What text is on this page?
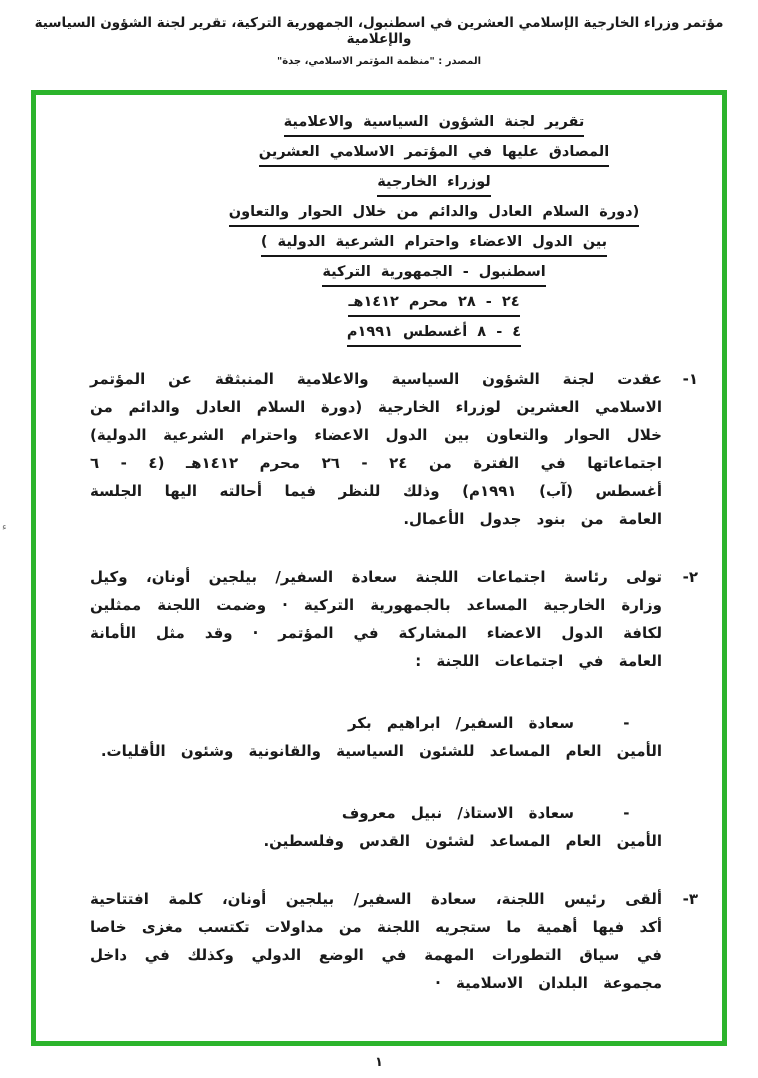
مؤتمر وزراء الخارجية الإسلامي العشرين في اسطنبول، الجمهورية التركية، تقرير لجنة الشؤون السياسية والإعلامية
المصدر : "منظمة المؤتمر الاسلامي، جدة"
ء
تقرير لجنة الشؤون السياسية والاعلامية
المصادق عليها في المؤتمر الاسلامي العشرين
لوزراء الخارجية
(دورة السلام العادل والدائم من خلال الحوار والتعاون
بين الدول الاعضاء واحترام الشرعية الدولية )
اسطنبول - الجمهورية التركية
٢٤ - ٢٨ محرم ١٤١٢هـ
٤ - ٨ أغسطس ١٩٩١م
١-
عقدت لجنة الشؤون السياسية والاعلامية المنبثقة عن المؤتمر الاسلامي العشرين لوزراء الخارجية (دورة السلام العادل والدائم من خلال الحوار والتعاون بين الدول الاعضاء واحترام الشرعية الدولية) اجتماعاتها في الفترة من ٢٤ - ٢٦ محرم ١٤١٢هـ (٤ - ٦ أغسطس (آب) ١٩٩١م) وذلك للنظر فيما أحالته اليها الجلسة العامة من بنود جدول الأعمال.
٢-
تولى رئاسة اجتماعات اللجنة سعادة السفير/ بيلجين أونان، وكيل وزارة الخارجية المساعد بالجمهورية التركية · وضمت اللجنة ممثلين لكافة الدول الاعضاء المشاركة في المؤتمر · وقد مثل الأمانة العامة في اجتماعات اللجنة :
-
سعادة السفير/ ابراهيم بكر
الأمين العام المساعد للشئون السياسية والقانونية وشئون الأقليات.
-
سعادة الاستاذ/ نبيل معروف
الأمين العام المساعد لشئون القدس وفلسطين.
٣-
ألقى رئيس اللجنة، سعادة السفير/ بيلجين أونان، كلمة افتتاحية أكد فيها أهمية ما ستجريه اللجنة من مداولات تكتسب مغزى خاصا في سياق التطورات المهمة في الوضع الدولي وكذلك في داخل مجموعة البلدان الاسلامية ·
١
